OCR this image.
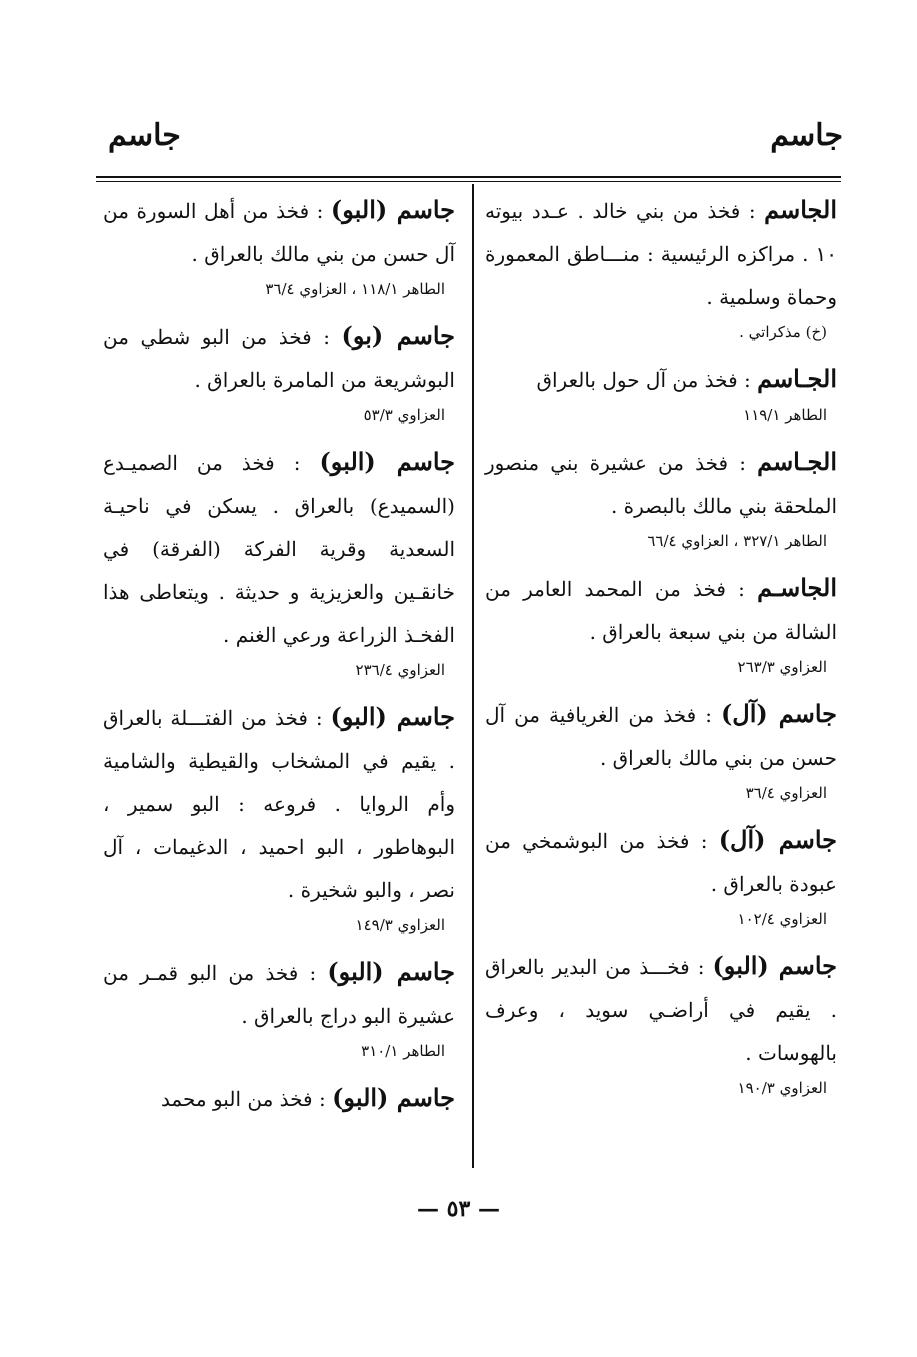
جاسم
جاسم
الجاسم : فخذ من بني خالد . عـدد بيوته ١٠ . مراكزه الرئيسية : منـــاطق المعمورة وحماة وسلمية .
(خ) مذكراتي .
الجـاسم : فخذ من آل حول بالعراق
الطاهر ١١٩/١
الجـاسم : فخذ من عشيرة بني منصور الملحقة بني مالك بالبصرة .
الطاهر ٣٢٧/١ ، العزاوي ٦٦/٤
الجاسـم : فخذ من المحمد العامر من الشالة من بني سبعة بالعراق .
العزاوي ٢٦٣/٣
جاسم (آل) : فخذ من الغريافية من آل حسن من بني مالك بالعراق .
العزاوي ٣٦/٤
جاسم (آل) : فخذ من البوشمخي من عبودة بالعراق .
العزاوي ١٠٢/٤
جاسم (البو) : فخـــذ من البدير بالعراق . يقيم في أراضـي سويد ، وعرف بالهوسات .
العزاوي ١٩٠/٣
جاسم (البو) : فخذ من أهل السورة من آل حسن من بني مالك بالعراق .
الطاهر ١١٨/١ ، العزاوي ٣٦/٤
جاسم (بو) : فخذ من البو شطي من البوشريعة من المامرة بالعراق .
العزاوي ٥٣/٣
جاسم (البو) : فخذ من الصميـدع (السميدع) بالعراق . يسكن في ناحيـة السعدية وقرية الفركة (الفرقة) في خانقـين والعزيزية و حديثة . ويتعاطى هذا الفخـذ الزراعة ورعي الغنم .
العزاوي ٢٣٦/٤
جاسم (البو) : فخذ من الفتـــلة بالعراق . يقيم في المشخاب والقيطية والشامية وأم الروايا . فروعه : البو سمير ، البوهاطور ، البو احميد ، الدغيمات ، آل نصر ، والبو شخيرة .
العزاوي ١٤٩/٣
جاسم (البو) : فخذ من البو قمـر من عشيرة البو دراج بالعراق .
الطاهر ٣١٠/١
جاسم (البو) : فخذ من البو محمد
— ٥٣ —
